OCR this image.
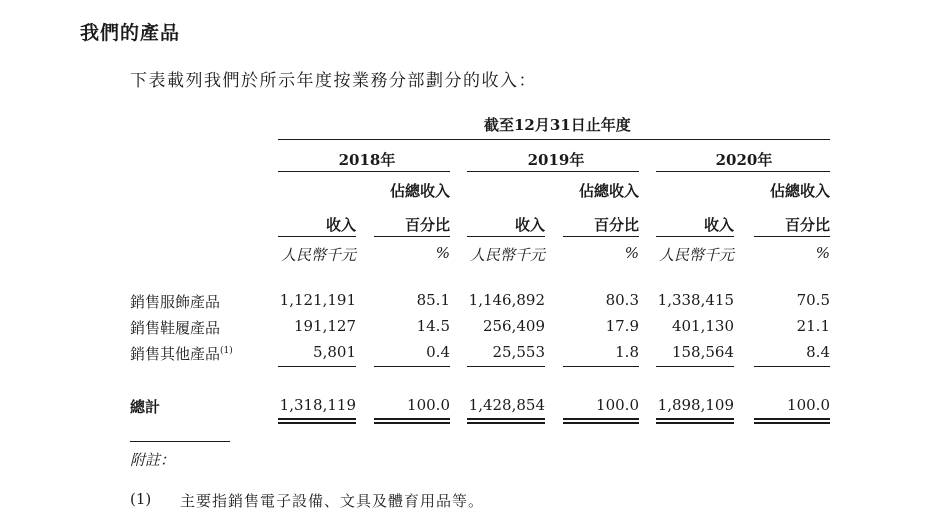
我們的產品
下表載列我們於所示年度按業務分部劃分的收入：
截至12月31日止年度
2018年	2019年	2020年
佔總收入	佔總收入	佔總收入
收入	百分比	收入	百分比	收入	百分比
人民幣千元	%	人民幣千元	%	人民幣千元	%
銷售服飾產品	1,121,191	85.1	1,146,892	80.3	1,338,415	70.5
銷售鞋履產品	191,127	14.5	256,409	17.9	401,130	21.1
銷售其他產品$^{(1)}$	5,801	0.4	25,553	1.8	158,564	8.4
總計	1,318,119	100.0	1,428,854	100.0	1,898,109	100.0
附註：
(1) 主要指銷售電子設備、文具及體育用品等。
